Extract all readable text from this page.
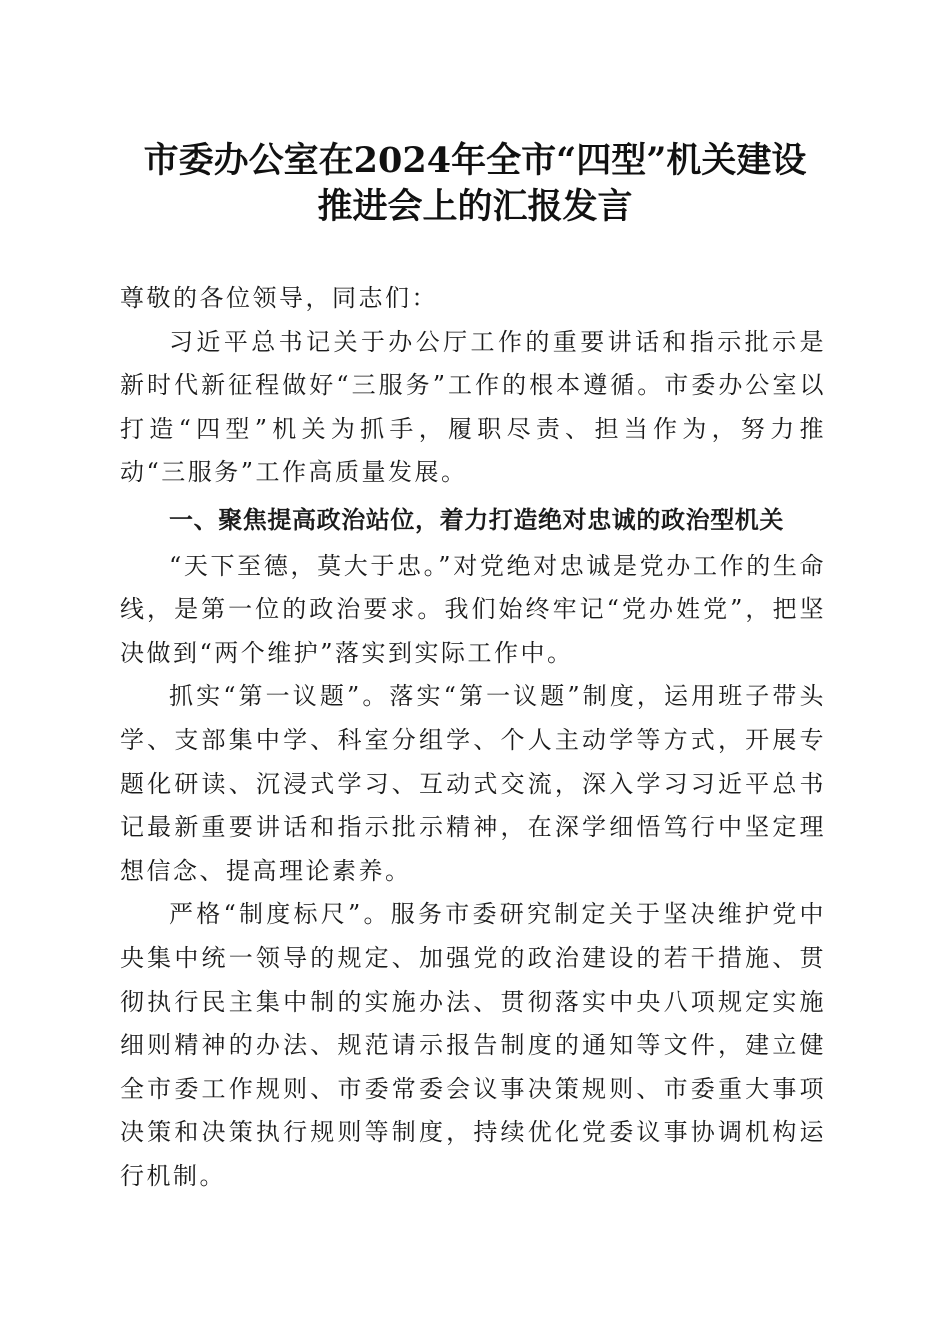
市委办公室在2024年全市“四型”机关建设
推进会上的汇报发言

尊敬的各位领导，同志们：

习近平总书记关于办公厅工作的重要讲话和指示批示是新时代新征程做好“三服务”工作的根本遵循。市委办公室以打造“四型”机关为抓手，履职尽责、担当作为，努力推动“三服务”工作高质量发展。

一、聚焦提高政治站位，着力打造绝对忠诚的政治型机关

“天下至德，莫大于忠。”对党绝对忠诚是党办工作的生命线，是第一位的政治要求。我们始终牢记“党办姓党”，把坚决做到“两个维护”落实到实际工作中。

抓实“第一议题”。落实“第一议题”制度，运用班子带头学、支部集中学、科室分组学、个人主动学等方式，开展专题化研读、沉浸式学习、互动式交流，深入学习习近平总书记最新重要讲话和指示批示精神，在深学细悟笃行中坚定理想信念、提高理论素养。

严格“制度标尺”。服务市委研究制定关于坚决维护党中央集中统一领导的规定、加强党的政治建设的若干措施、贯彻执行民主集中制的实施办法、贯彻落实中央八项规定实施细则精神的办法、规范请示报告制度的通知等文件，建立健全市委工作规则、市委常委会议事决策规则、市委重大事项决策和决策执行规则等制度，持续优化党委议事协调机构运行机制。
